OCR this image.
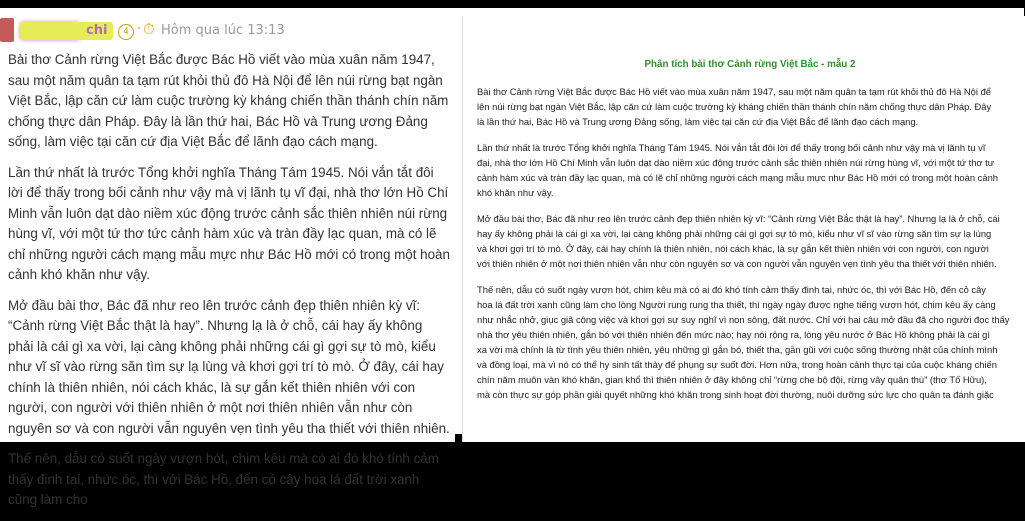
chi	4 · ⏱ Hôm qua lúc 13:13

Bài thơ Cảnh rừng Việt Bắc được Bác Hồ viết vào mùa xuân năm 1947, sau một năm quân ta tạm rút khỏi thủ đô Hà Nội để lên núi rừng bạt ngàn Việt Bắc, lập căn cứ làm cuộc trường kỳ kháng chiến thần thánh chín năm chống thực dân Pháp. Đây là lần thứ hai, Bác Hồ và Trung ương Đảng sống, làm việc tại căn cứ địa Việt Bắc để lãnh đạo cách mạng.

Lần thứ nhất là trước Tổng khởi nghĩa Tháng Tám 1945. Nói vắn tắt đôi lời để thấy trong bối cảnh như vậy mà vị lãnh tụ vĩ đại, nhà thơ lớn Hồ Chí Minh vẫn luôn dạt dào niềm xúc động trước cảnh sắc thiên nhiên núi rừng hùng vĩ, với một tứ thơ tức cảnh hàm xúc và tràn đầy lạc quan, mà có lẽ chỉ những người cách mạng mẫu mực như Bác Hồ mới có trong một hoàn cảnh khó khăn như vậy.

Mở đầu bài thơ, Bác đã như reo lên trước cảnh đẹp thiên nhiên kỳ vĩ: “Cảnh rừng Việt Bắc thật là hay”. Nhưng lạ là ở chỗ, cái hay ấy không phải là cái gì xa vời, lại càng không phải những cái gì gợi sự tò mò, kiểu như vĩ sĩ vào rừng săn tìm sự lạ lùng và khơi gợi trí tò mò. Ở đây, cái hay chính là thiên nhiên, nói cách khác, là sự gắn kết thiên nhiên với con người, con người với thiên nhiên ở một nơi thiên nhiên vẫn như còn nguyên sơ và con người vẫn nguyên vẹn tình yêu tha thiết với thiên nhiên.

Thế nên, dẫu có suốt ngày vượn hót, chim kêu mà có ai đó khó tính cảm thấy đinh tai, nhức óc, thì với Bác Hồ, đến cỏ cây hoa lá đất trời xanh cũng làm cho

Phân tích bài thơ Cảnh rừng Việt Bắc - mẫu 2
Bài thơ Cảnh rừng Việt Bắc được Bác Hồ viết vào mùa xuân năm 1947, sau một năm quân ta tạm rút khỏi thủ đô Hà Nội để
lên núi rừng bạt ngàn Việt Bắc, lập căn cứ làm cuộc trường kỳ kháng chiến thần thánh chín năm chống thực dân Pháp. Đây
là lần thứ hai, Bác Hồ và Trung ương Đảng sống, làm việc tại căn cứ địa Việt Bắc để lãnh đạo cách mạng.
Lần thứ nhất là trước Tổng khởi nghĩa Tháng Tám 1945. Nói vắn tắt đôi lời để thấy trong bối cảnh như vậy mà vị lãnh tụ vĩ
đại, nhà thơ lớn Hồ Chí Minh vẫn luôn dạt dào niềm xúc động trước cảnh sắc thiên nhiên núi rừng hùng vĩ, với một tứ thơ tư
cảnh hàm xúc và tràn đầy lạc quan, mà có lẽ chỉ những người cách mạng mẫu mực như Bác Hồ mới có trong một hoàn cảnh
khó khăn như vậy.
Mở đầu bài thơ, Bác đã như reo lên trước cảnh đẹp thiên nhiên kỳ vĩ: “Cảnh rừng Việt Bắc thật là hay”. Nhưng lạ là ở chỗ, cái
hay ấy không phải là cái gì xa vời, lại càng không phải những cái gì gợi sự tò mò, kiểu như vĩ sĩ vào rừng săn tìm sự lạ lùng
và khơi gợi trí tò mò. Ở đây, cái hay chính là thiên nhiên, nói cách khác, là sự gắn kết thiên nhiên với con người, con người
với thiên nhiên ở một nơi thiên nhiên vẫn như còn nguyên sơ và con người vẫn nguyên vẹn tình yêu tha thiết với thiên nhiên.
Thế nên, dẫu có suốt ngày vượn hót, chim kêu mà có ai đó khó tính cảm thấy đinh tai, nhức óc, thì với Bác Hồ, đến cỏ cây
hoa lá đất trời xanh cũng làm cho lòng Người rung rung tha thiết, thì ngày ngày được nghe tiếng vượn hót, chim kêu ấy càng
như nhắc nhở, giục giã công việc và khơi gợi sự suy nghĩ vì non sông, đất nước. Chỉ với hai câu mở đầu đã cho người đọc thấy
nhà thơ yêu thiên nhiên, gắn bó với thiên nhiên đến mức nào; hay nói rộng ra, lòng yêu nước ở Bác Hồ không phải là cái gì
xa vời mà chính là từ tình yêu thiên nhiên, yêu những gì gắn bó, thiết tha, gần gũi với cuộc sống thường nhật của chính mình
và đồng loại, mà vì nó có thể hy sinh tất thảy để phụng sự suốt đời. Hơn nữa, trong hoàn cảnh thực tại của cuộc kháng chiến
chín năm muôn vàn khó khăn, gian khổ thì thiên nhiên ở đây không chỉ “rừng che bộ đội, rừng vây quân thù” (thơ Tố Hữu),
mà còn thực sự góp phần giải quyết những khó khăn trong sinh hoạt đời thường, nuôi dưỡng sức lực cho quân ta đánh giặc
